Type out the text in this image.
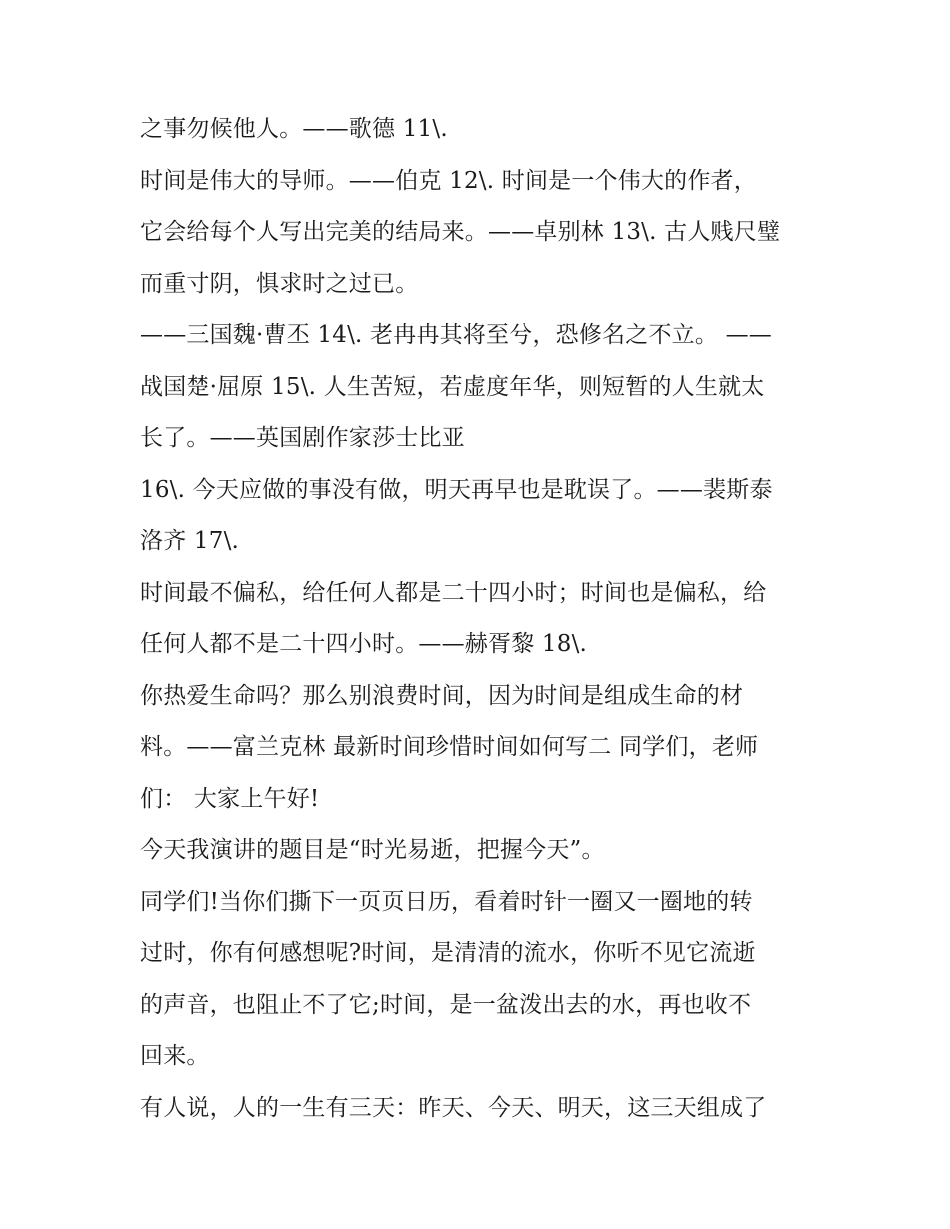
之事勿候他人。——歌德 11\.
时间是伟大的导师。——伯克 12\. 时间是一个伟大的作者，
它会给每个人写出完美的结局来。——卓别林 13\. 古人贱尺璧
而重寸阴，惧求时之过已。
——三国魏·曹丕 14\. 老冉冉其将至兮，恐修名之不立。 ——
战国楚·屈原 15\. 人生苦短，若虚度年华，则短暂的人生就太
长了。——英国剧作家莎士比亚
16\. 今天应做的事没有做，明天再早也是耽误了。——裴斯泰
洛齐 17\.
时间最不偏私，给任何人都是二十四小时；时间也是偏私，给
任何人都不是二十四小时。——赫胥黎 18\.
你热爱生命吗？那么别浪费时间，因为时间是组成生命的材
料。——富兰克林 最新时间珍惜时间如何写二 同学们，老师
们： 大家上午好!
今天我演讲的题目是“时光易逝，把握今天”。
同学们!当你们撕下一页页日历，看着时针一圈又一圈地的转
过时，你有何感想呢?时间，是清清的流水，你听不见它流逝
的声音，也阻止不了它;时间，是一盆泼出去的水，再也收不
回来。
有人说，人的一生有三天：昨天、今天、明天，这三天组成了
